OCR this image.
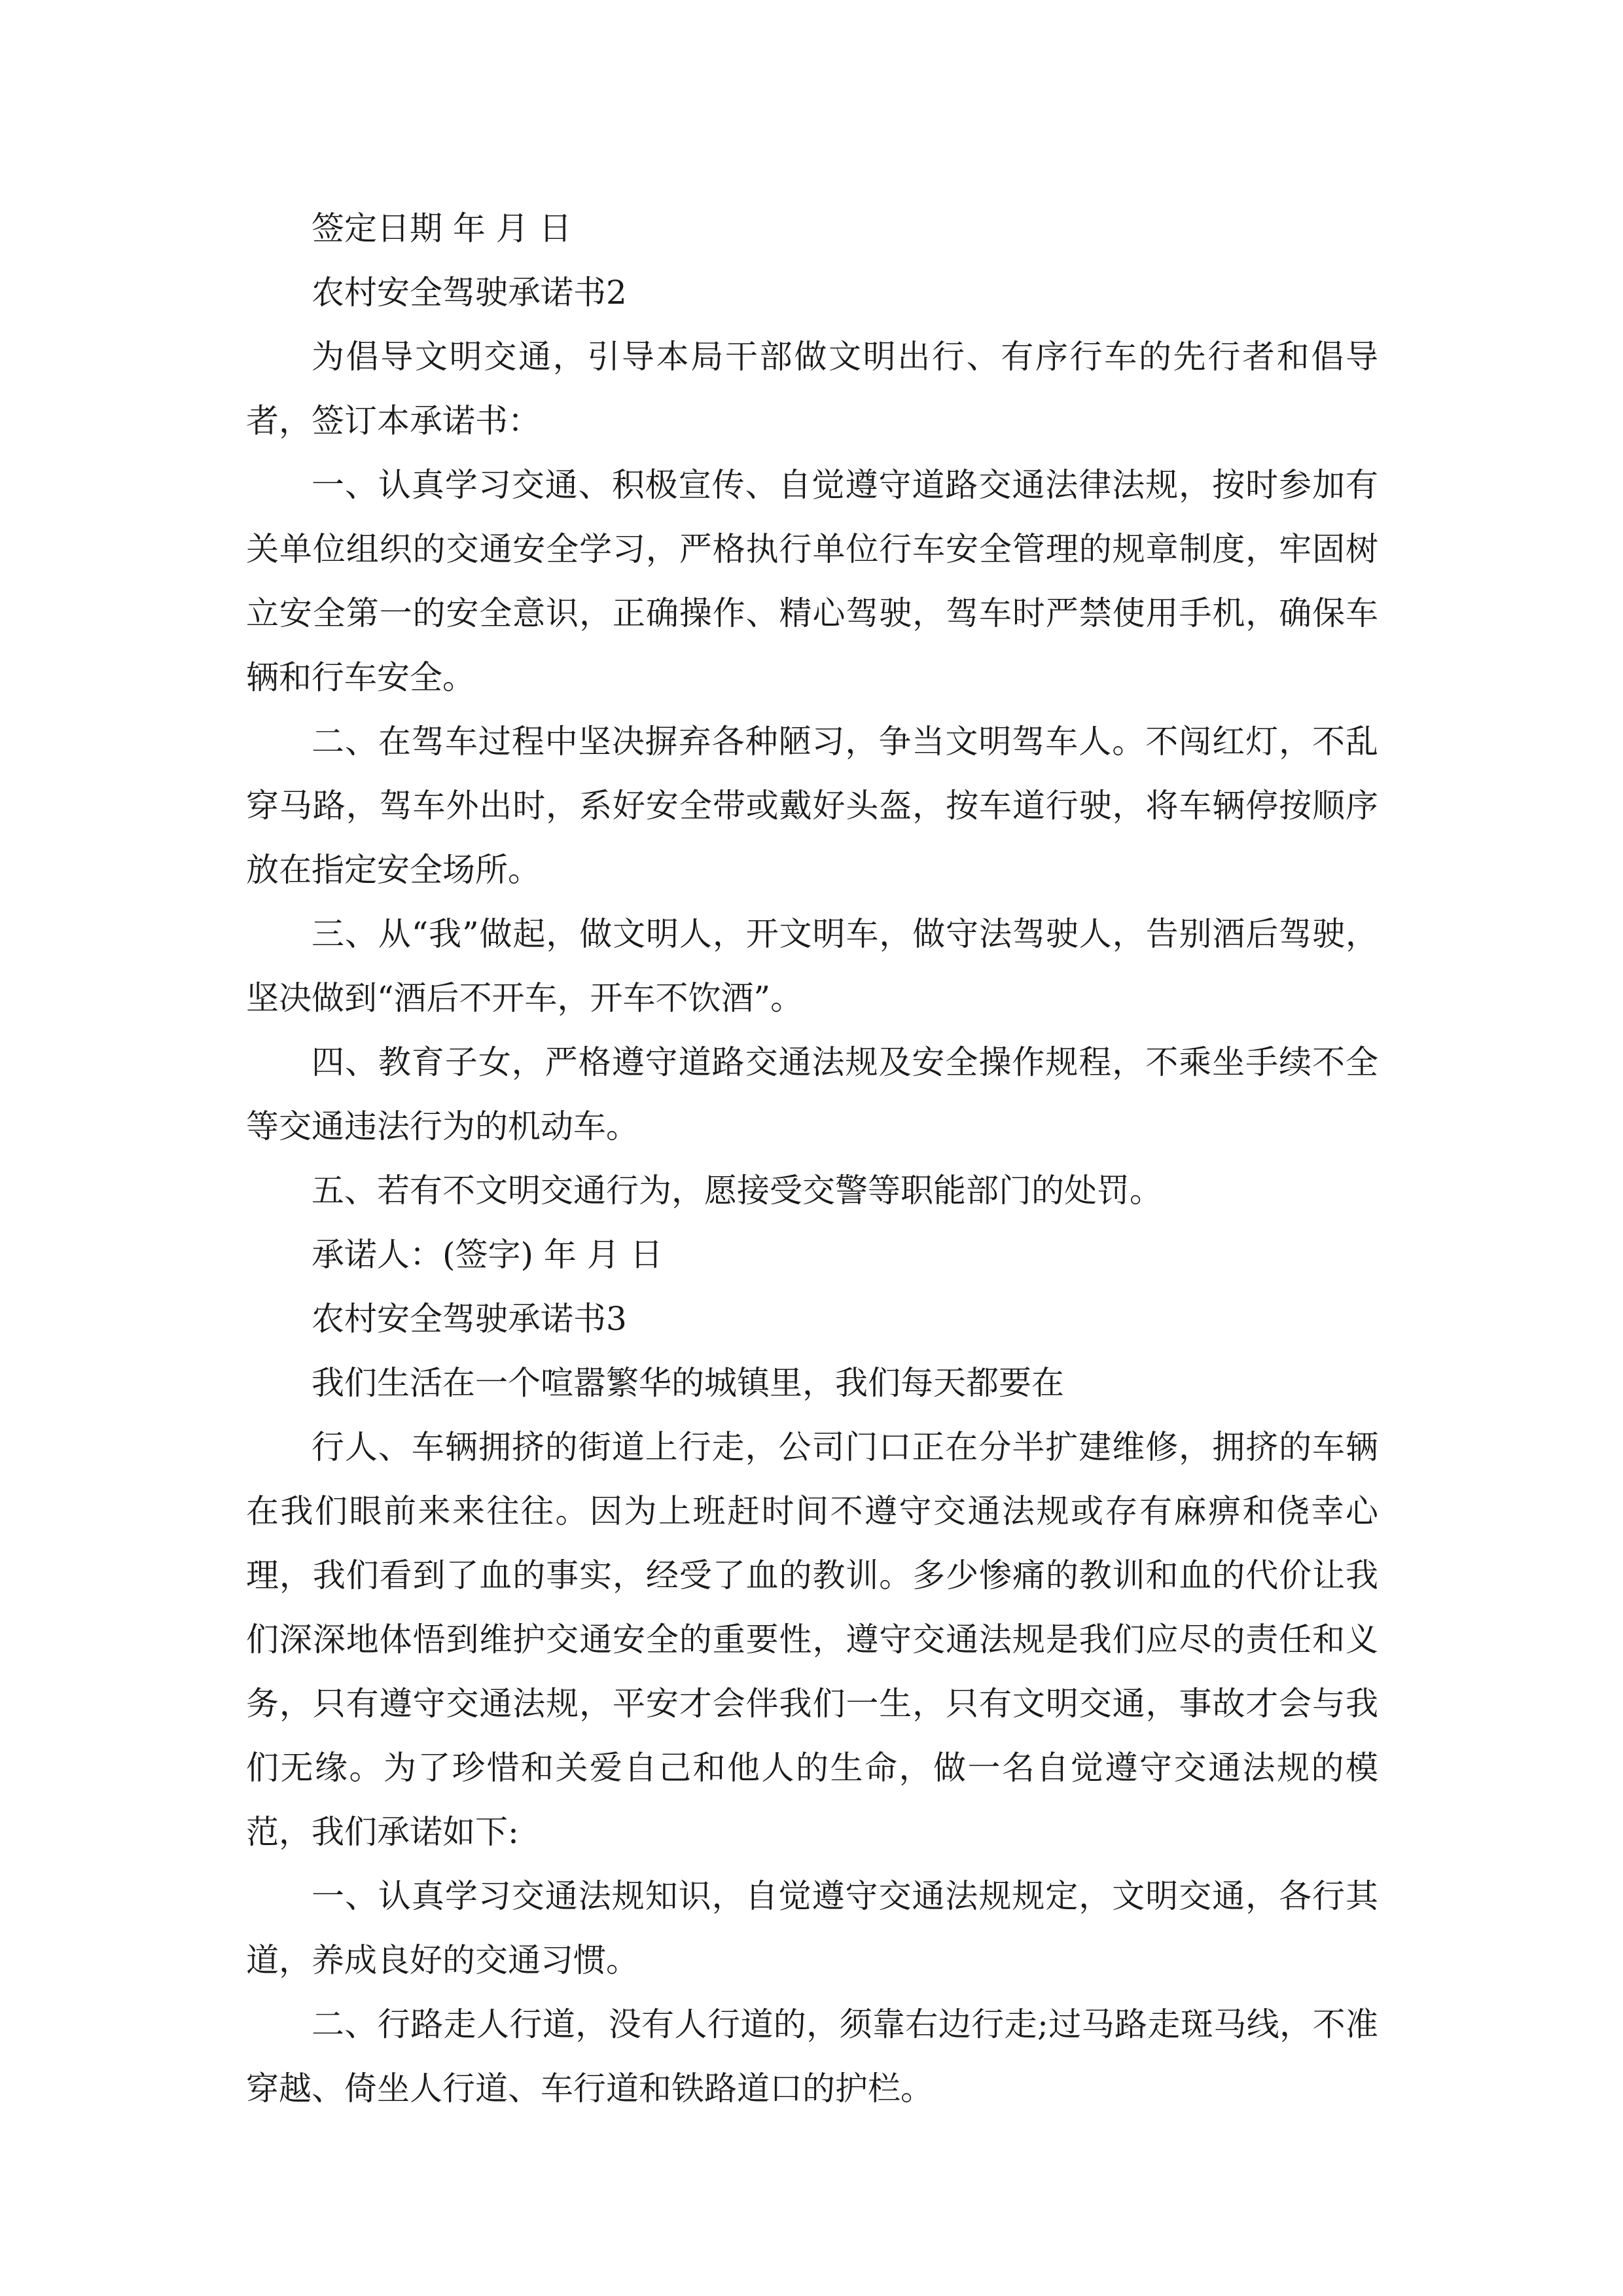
签定日期 年 月 日

农村安全驾驶承诺书2

为倡导文明交通，引导本局干部做文明出行、有序行车的先行者和倡导者，签订本承诺书：

一、认真学习交通、积极宣传、自觉遵守道路交通法律法规，按时参加有关单位组织的交通安全学习，严格执行单位行车安全管理的规章制度，牢固树立安全第一的安全意识，正确操作、精心驾驶，驾车时严禁使用手机，确保车辆和行车安全。

二、在驾车过程中坚决摒弃各种陋习，争当文明驾车人。不闯红灯，不乱穿马路，驾车外出时，系好安全带或戴好头盔，按车道行驶，将车辆停按顺序放在指定安全场所。

三、从“我”做起，做文明人，开文明车，做守法驾驶人，告别酒后驾驶，坚决做到“酒后不开车，开车不饮酒”。

四、教育子女，严格遵守道路交通法规及安全操作规程，不乘坐手续不全等交通违法行为的机动车。

五、若有不文明交通行为，愿接受交警等职能部门的处罚。

承诺人：(签字) 年 月 日

农村安全驾驶承诺书3

我们生活在一个喧嚣繁华的城镇里，我们每天都要在

行人、车辆拥挤的街道上行走，公司门口正在分半扩建维修，拥挤的车辆在我们眼前来来往往。因为上班赶时间不遵守交通法规或存有麻痹和侥幸心理，我们看到了血的事实，经受了血的教训。多少惨痛的教训和血的代价让我们深深地体悟到维护交通安全的重要性，遵守交通法规是我们应尽的责任和义务，只有遵守交通法规，平安才会伴我们一生，只有文明交通，事故才会与我们无缘。为了珍惜和关爱自己和他人的生命，做一名自觉遵守交通法规的模范，我们承诺如下:

一、认真学习交通法规知识，自觉遵守交通法规规定，文明交通，各行其道，养成良好的交通习惯。

二、行路走人行道，没有人行道的，须靠右边行走;过马路走斑马线，不准穿越、倚坐人行道、车行道和铁路道口的护栏。
